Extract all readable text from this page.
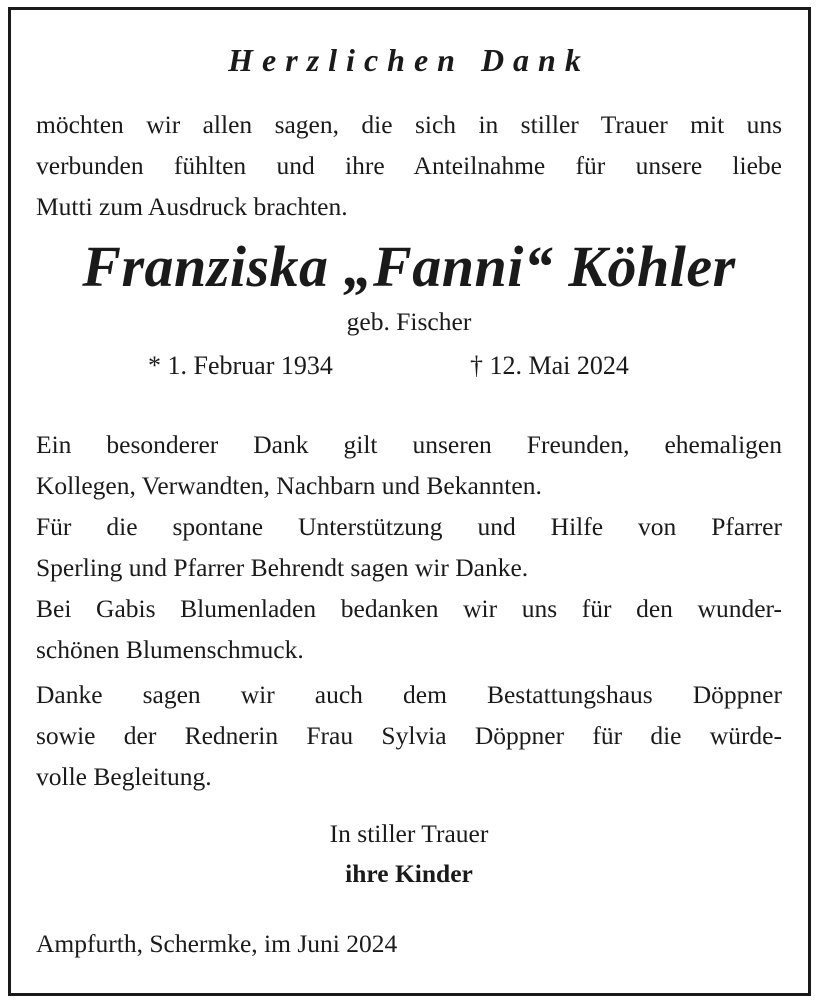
Herzlichen Dank
möchten wir allen sagen, die sich in stiller Trauer mit uns
verbunden fühlten und ihre Anteilnahme für unsere liebe
Mutti zum Ausdruck brachten.
Franziska „Fanni“ Köhler
geb. Fischer
* 1. Februar 1934	† 12. Mai 2024
Ein besonderer Dank gilt unseren Freunden, ehemaligen
Kollegen, Verwandten, Nachbarn und Bekannten.
Für die spontane Unterstützung und Hilfe von Pfarrer
Sperling und Pfarrer Behrendt sagen wir Danke.
Bei Gabis Blumenladen bedanken wir uns für den wunder-
schönen Blumenschmuck.
Danke sagen wir auch dem Bestattungshaus Döppner
sowie der Rednerin Frau Sylvia Döppner für die würde-
volle Begleitung.
In stiller Trauer
ihre Kinder
Ampfurth, Schermke, im Juni 2024
